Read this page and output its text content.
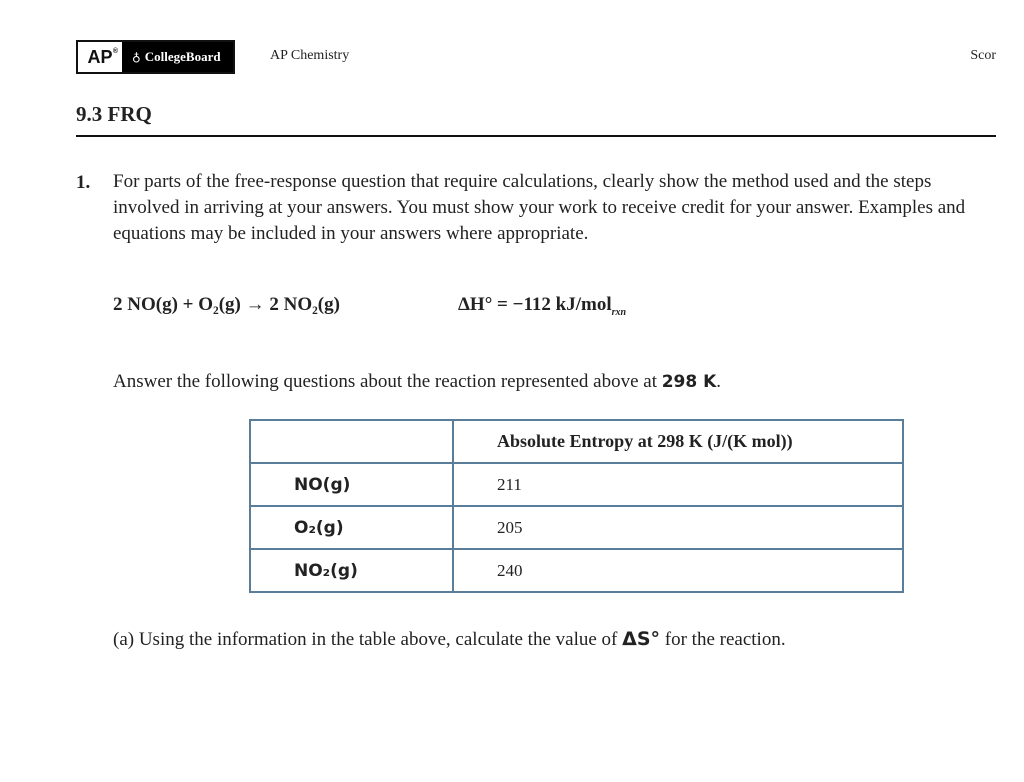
AP® ♁ CollegeBoard	AP Chemistry	Scor
9.3 FRQ
1. For parts of the free-response question that require calculations, clearly show the method used and the steps involved in arriving at your answers. You must show your work to receive credit for your answer. Examples and equations may be included in your answers where appropriate.
2 NO(g) + O₂(g) → 2 NO₂(g)	ΔH° = −112 kJ/mol$_{rxn}$
Answer the following questions about the reaction represented above at 298 K.
	Absolute Entropy at 298 K (J/(K mol))
NO(g)	211
O₂(g)	205
NO₂(g)	240
(a) Using the information in the table above, calculate the value of ΔS° for the reaction.
